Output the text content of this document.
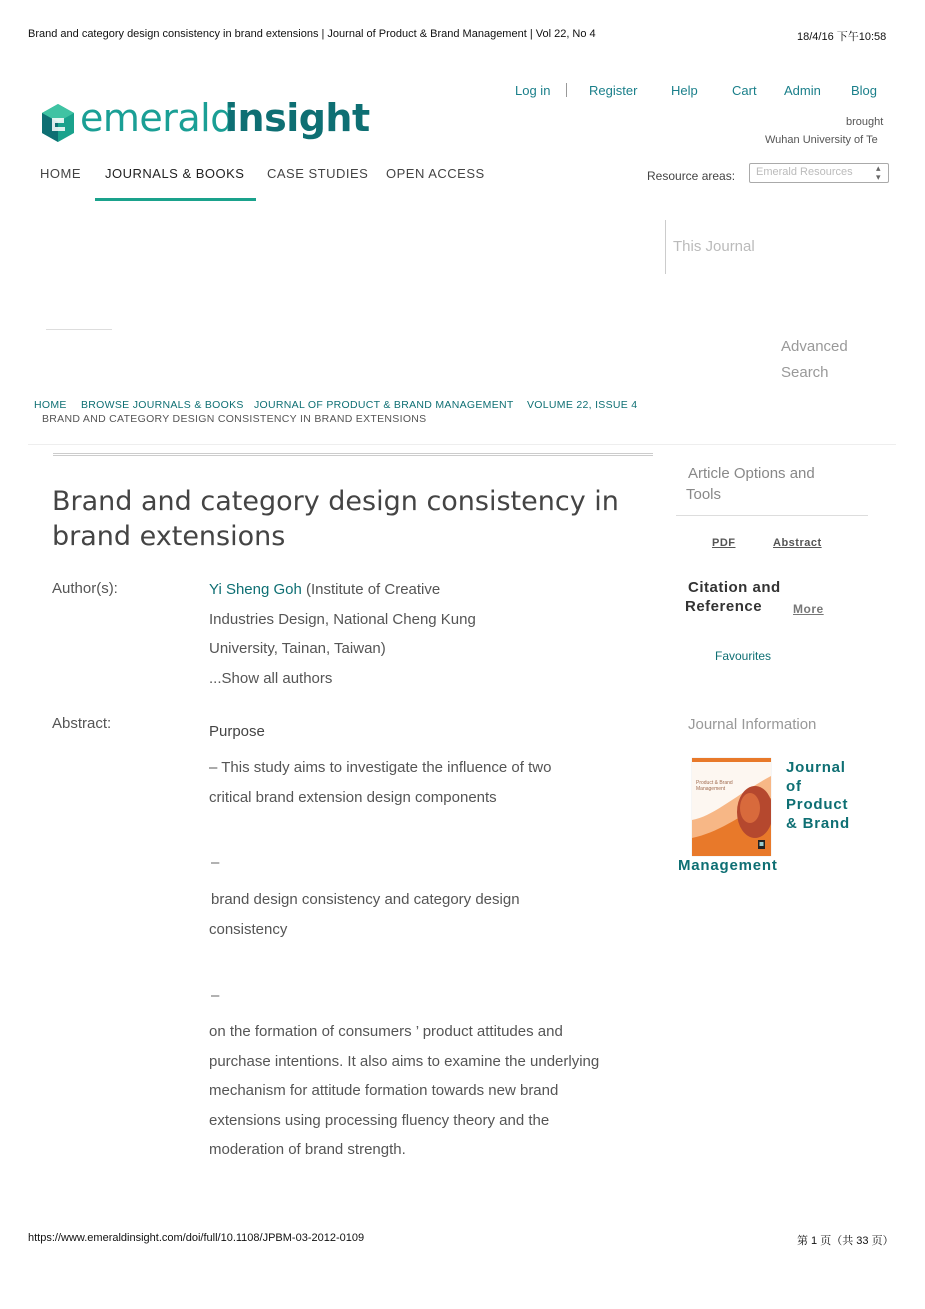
Brand and category design consistency in brand extensions | Journal of Product & Brand Management | Vol 22, No 4	18/4/16 下午10:58
emerald
insight
Log in	Register	Help	Cart Admin Blog
brought
Wuhan University of Te
HOME JOURNALS & BOOKS CASE STUDIES OPEN ACCESS	Resource areas: Emerald Resources	▴
▾
This Journal
Advanced
Search
HOME BROWSE JOURNALS & BOOKS JOURNAL OF PRODUCT & BRAND MANAGEMENT VOLUME 22, ISSUE 4
BRAND AND CATEGORY DESIGN CONSISTENCY IN BRAND EXTENSIONS
Brand and category design consistency in
brand extensions
Author(s):	Yi Sheng Goh (Institute of Creative
Industries Design, National Cheng Kung
University, Tainan, Taiwan)
...Show all authors
Abstract:	Purpose
– This study aims to investigate the influence of two
critical brand extension design components
–
brand design consistency and category design
consistency
–
on the formation of consumers ’ product attitudes and
purchase intentions. It also aims to examine the underlying
mechanism for attitude formation towards new brand
extensions using processing fluency theory and the
moderation of brand strength.
Article Options and
Tools
PDF	Abstract
Citation and
Reference	More
Favourites
Journal Information
Product & Brand Management
Journal
of
Product
& Brand
Management
https://www.emeraldinsight.com/doi/full/10.1108/JPBM-03-2012-0109	第 1 页（共 33 页）
